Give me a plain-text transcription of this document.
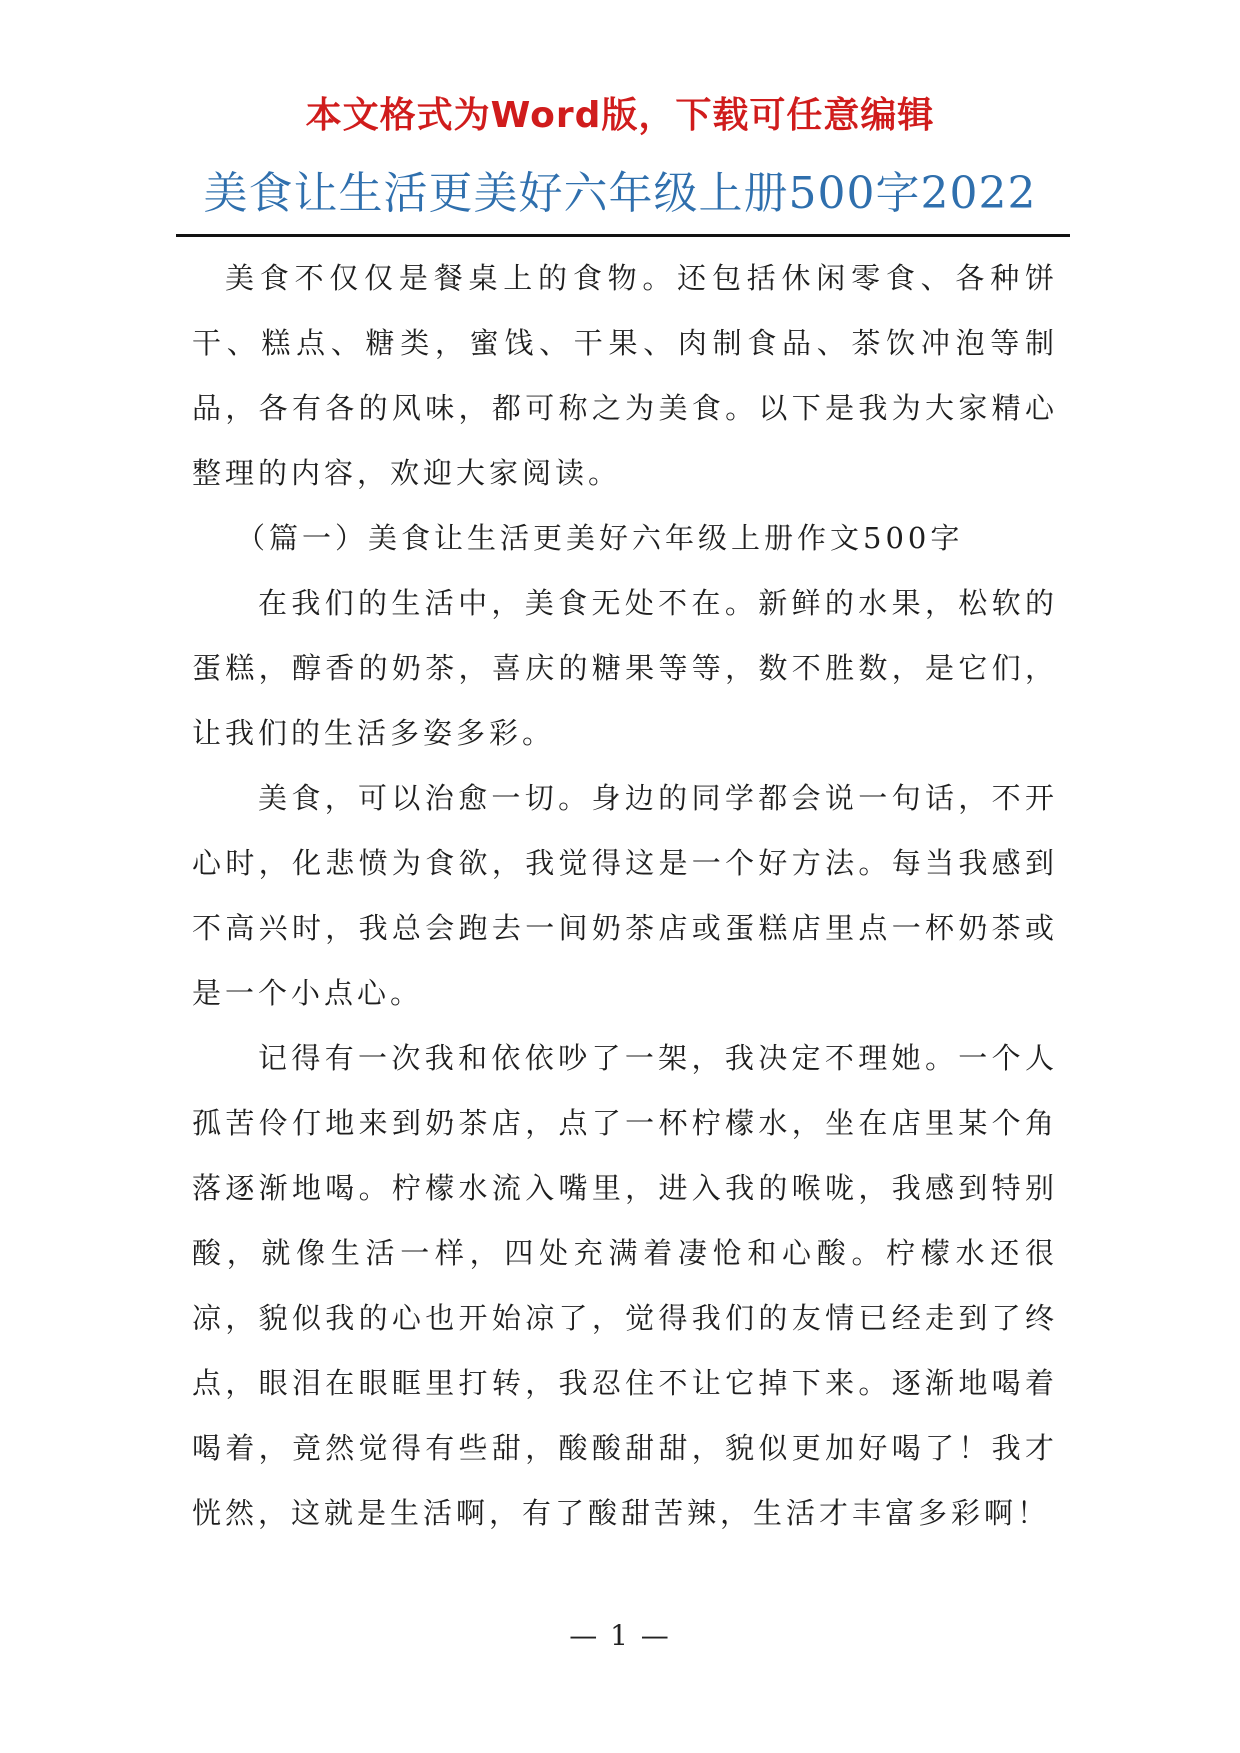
本文格式为Word版，下载可任意编辑
美食让生活更美好六年级上册500字2022

美食不仅仅是餐桌上的食物。还包括休闲零食、各种饼干、糕点、糖类，蜜饯、干果、肉制食品、茶饮冲泡等制品，各有各的风味，都可称之为美食。以下是我为大家精心整理的内容，欢迎大家阅读。

（篇一）美食让生活更美好六年级上册作文500字

在我们的生活中，美食无处不在。新鲜的水果，松软的蛋糕，醇香的奶茶，喜庆的糖果等等，数不胜数，是它们，让我们的生活多姿多彩。

美食，可以治愈一切。身边的同学都会说一句话，不开心时，化悲愤为食欲，我觉得这是一个好方法。每当我感到不高兴时，我总会跑去一间奶茶店或蛋糕店里点一杯奶茶或是一个小点心。

记得有一次我和依依吵了一架，我决定不理她。一个人孤苦伶仃地来到奶茶店，点了一杯柠檬水，坐在店里某个角落逐渐地喝。柠檬水流入嘴里，进入我的喉咙，我感到特别酸，就像生活一样，四处充满着凄怆和心酸。柠檬水还很凉，貌似我的心也开始凉了，觉得我们的友情已经走到了终点，眼泪在眼眶里打转，我忍住不让它掉下来。逐渐地喝着喝着，竟然觉得有些甜，酸酸甜甜，貌似更加好喝了！我才恍然，这就是生活啊，有了酸甜苦辣，生活才丰富多彩啊！

— 1 —
